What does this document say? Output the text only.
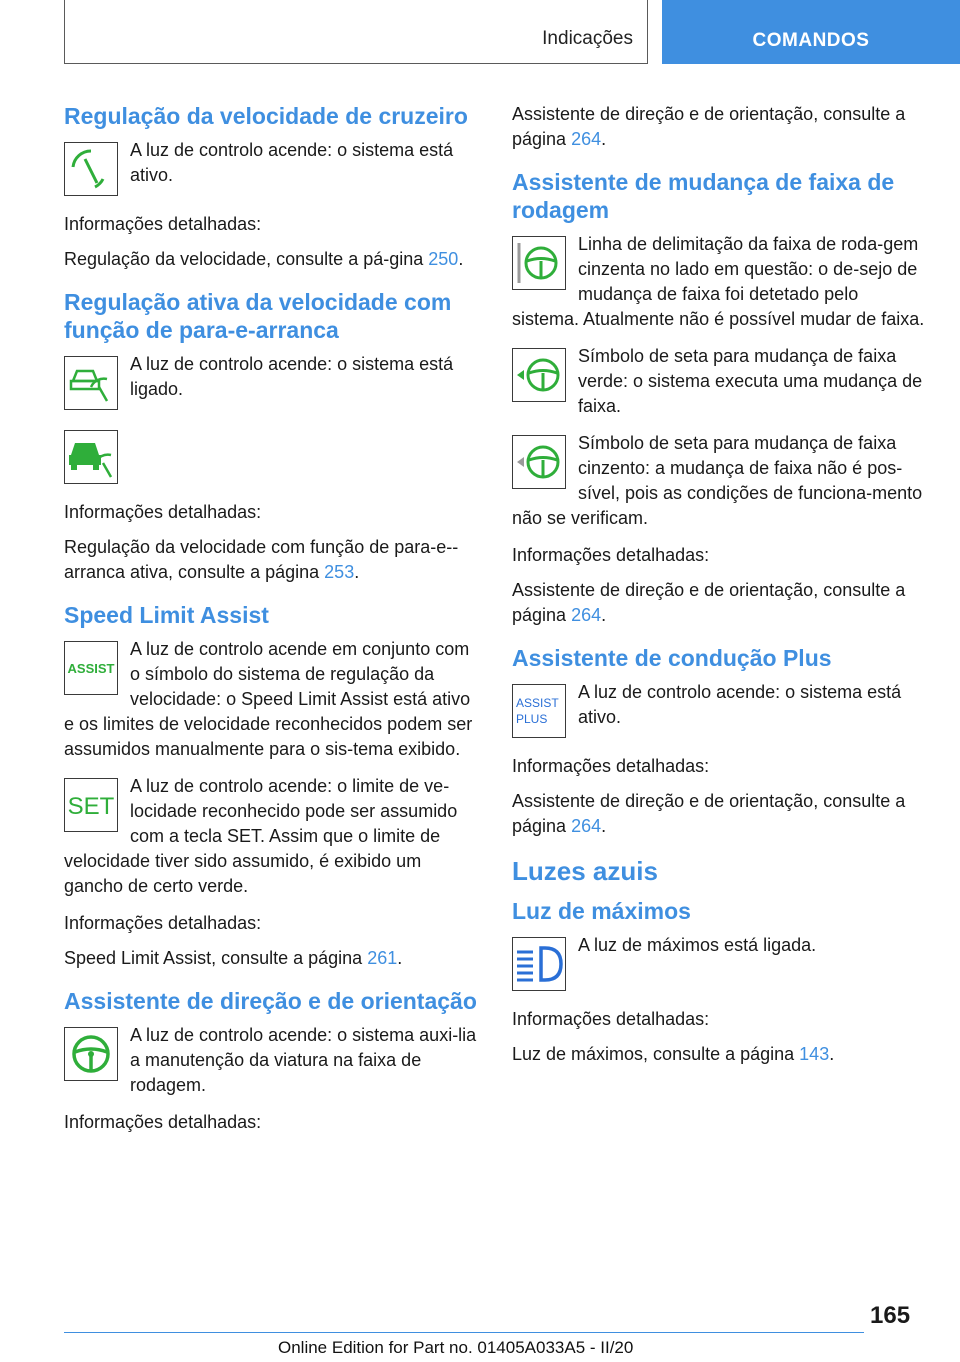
Indicações	COMANDOS
Regulação da velocidade de cruzeiro

A luz de controlo acende: o sistema está ativo.

Informações detalhadas:

Regulação da velocidade, consulte a pá-gina 250.

Regulação ativa da velocidade com função de para-e-arranca

A luz de controlo acende: o sistema está ligado.

Informações detalhadas:

Regulação da velocidade com função de para-e--arranca ativa, consulte a página 253.

Speed Limit Assist
ASSIST

A luz de controlo acende em conjunto com o símbolo do sistema de regulação da velocidade: o Speed Limit Assist está ativo e os limites de velocidade reconhecidos podem ser assumidos manualmente para o sis-tema exibido.

SET

A luz de controlo acende: o limite de ve-locidade reconhecido pode ser assumido com a tecla SET. Assim que o limite de velocidade tiver sido assumido, é exibido um gancho de certo verde.

Informações detalhadas:

Speed Limit Assist, consulte a página 261.

Assistente de direção e de orientação

A luz de controlo acende: o sistema auxi-lia a manutenção da viatura na faixa de rodagem.

Informações detalhadas:

Assistente de direção e de orientação, consulte a página 264.

Assistente de mudança de faixa de rodagem

Linha de delimitação da faixa de roda-gem cinzenta no lado em questão: o de-sejo de mudança de faixa foi detetado pelo sistema. Atualmente não é possível mudar de faixa.

Símbolo de seta para mudança de faixa verde: o sistema executa uma mudança de faixa.

Símbolo de seta para mudança de faixa cinzento: a mudança de faixa não é pos-sível, pois as condições de funciona-mento não se verificam.

Informações detalhadas:

Assistente de direção e de orientação, consulte a página 264.

Assistente de condução Plus
ASSIST
PLUS

A luz de controlo acende: o sistema está ativo.

Informações detalhadas:

Assistente de direção e de orientação, consulte a página 264.

Luzes azuis
Luz de máximos

A luz de máximos está ligada.

Informações detalhadas:

Luz de máximos, consulte a página 143.

165
Online Edition for Part no. 01405A033A5 - II/20
